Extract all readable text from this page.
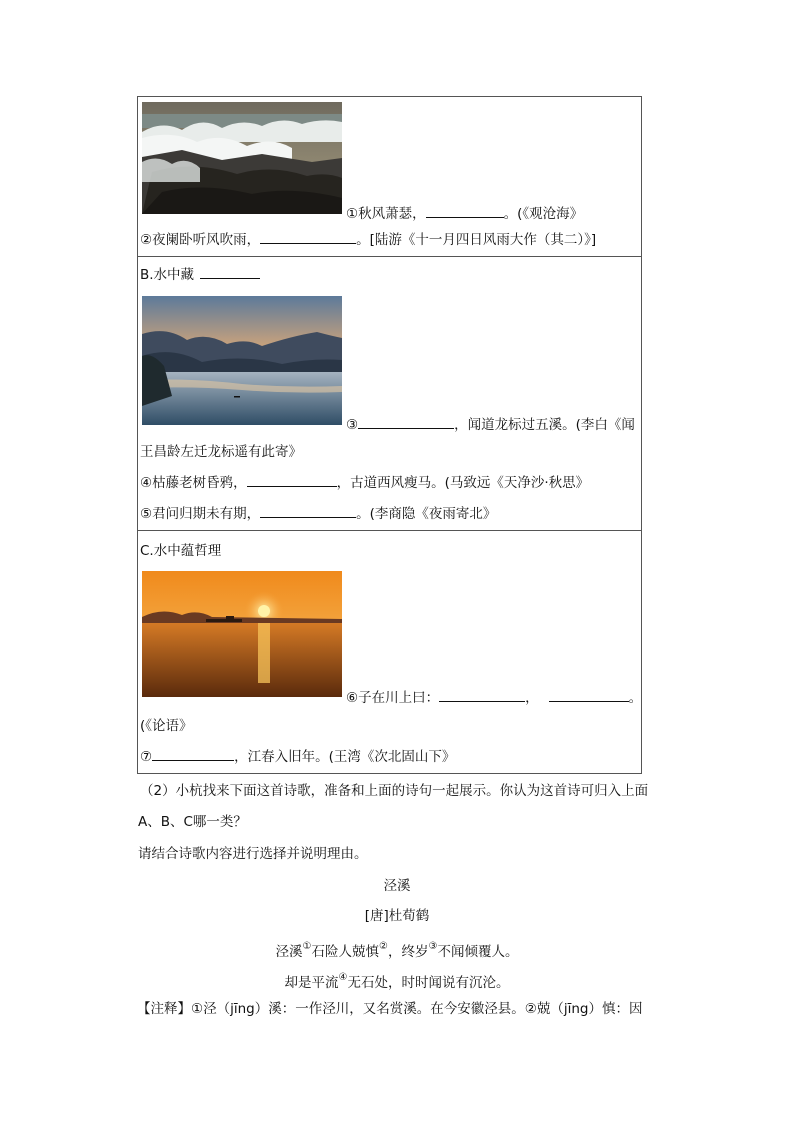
①秋风萧瑟，	。(《观沧海》
②夜阑卧听风吹雨，	。[陆游《十一月四日风雨大作（其二）》]
B.水中藏
③	，闻道龙标过五溪。(李白《闻
王昌龄左迁龙标遥有此寄》
④枯藤老树昏鸦，	，古道西风瘦马。(马致远《天净沙·秋思》
⑤君问归期未有期，	。(李商隐《夜雨寄北》
C.水中蕴哲理
⑥子在川上曰：	，	。
(《论语》
⑦	，江春入旧年。(王湾《次北固山下》
（2）小杭找来下面这首诗歌，准备和上面的诗句一起展示。你认为这首诗可归入上面
A、B、C哪一类？
请结合诗歌内容进行选择并说明理由。
泾溪
[唐]杜荀鹤
泾溪①石险人兢慎②，终岁③不闻倾覆人。
却是平流④无石处，时时闻说有沉沦。
【注释】①泾（jīng）溪：一作泾川，又名赏溪。在今安徽泾县。②兢（jīng）慎：因
